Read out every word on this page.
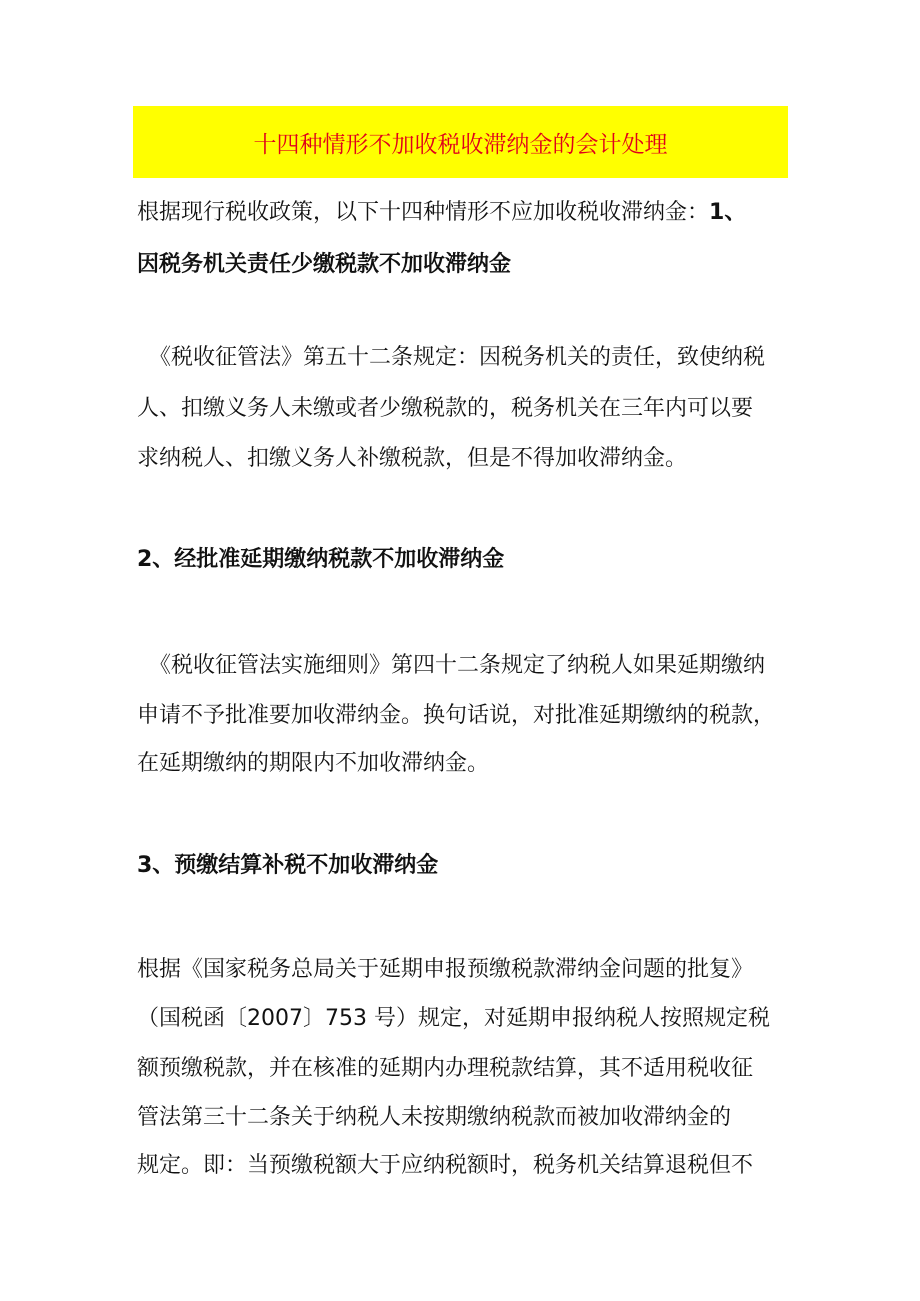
十四种情形不加收税收滞纳金的会计处理
根据现行税收政策，以下十四种情形不应加收税收滞纳金：1、
因税务机关责任少缴税款不加收滞纳金
《税收征管法》第五十二条规定：因税务机关的责任，致使纳税
人、扣缴义务人未缴或者少缴税款的，税务机关在三年内可以要
求纳税人、扣缴义务人补缴税款，但是不得加收滞纳金。
2、经批准延期缴纳税款不加收滞纳金
《税收征管法实施细则》第四十二条规定了纳税人如果延期缴纳
申请不予批准要加收滞纳金。换句话说，对批准延期缴纳的税款，
在延期缴纳的期限内不加收滞纳金。
3、预缴结算补税不加收滞纳金
根据《国家税务总局关于延期申报预缴税款滞纳金问题的批复》
（国税函〔2007〕753 号）规定，对延期申报纳税人按照规定税
额预缴税款，并在核准的延期内办理税款结算，其不适用税收征
管法第三十二条关于纳税人未按期缴纳税款而被加收滞纳金的
规定。即：当预缴税额大于应纳税额时，税务机关结算退税但不
